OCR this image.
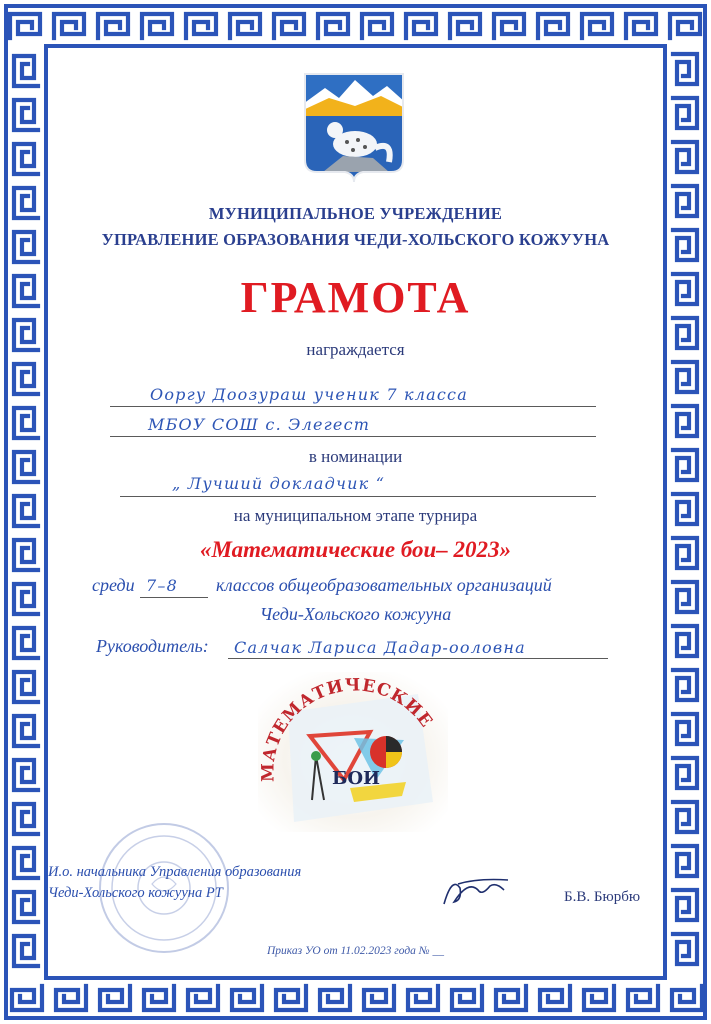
МУНИЦИПАЛЬНОЕ УЧРЕЖДЕНИЕ
УПРАВЛЕНИЕ ОБРАЗОВАНИЯ ЧЕДИ-ХОЛЬСКОГО КОЖУУНА
ГРАМОТА
награждается
Ооргу Доозураш ученик 7 класса
МБОУ СОШ с. Элегест
в номинации
„ Лучший докладчик “
на муниципальном этапе турнира
«Математические бои– 2023»
среди 7–8 классов общеобразовательных организаций
Чеди-Хольского кожууна
Руководитель: Салчак Лариса Дадар-ооловна
МАТЕМАТИЧЕСКИЕ
БОИ
И.о. начальника Управления образования
Чеди-Хольского кожууна РТ	Б.В. Бюрбю
Приказ УО от 11.02.2023 года № __
